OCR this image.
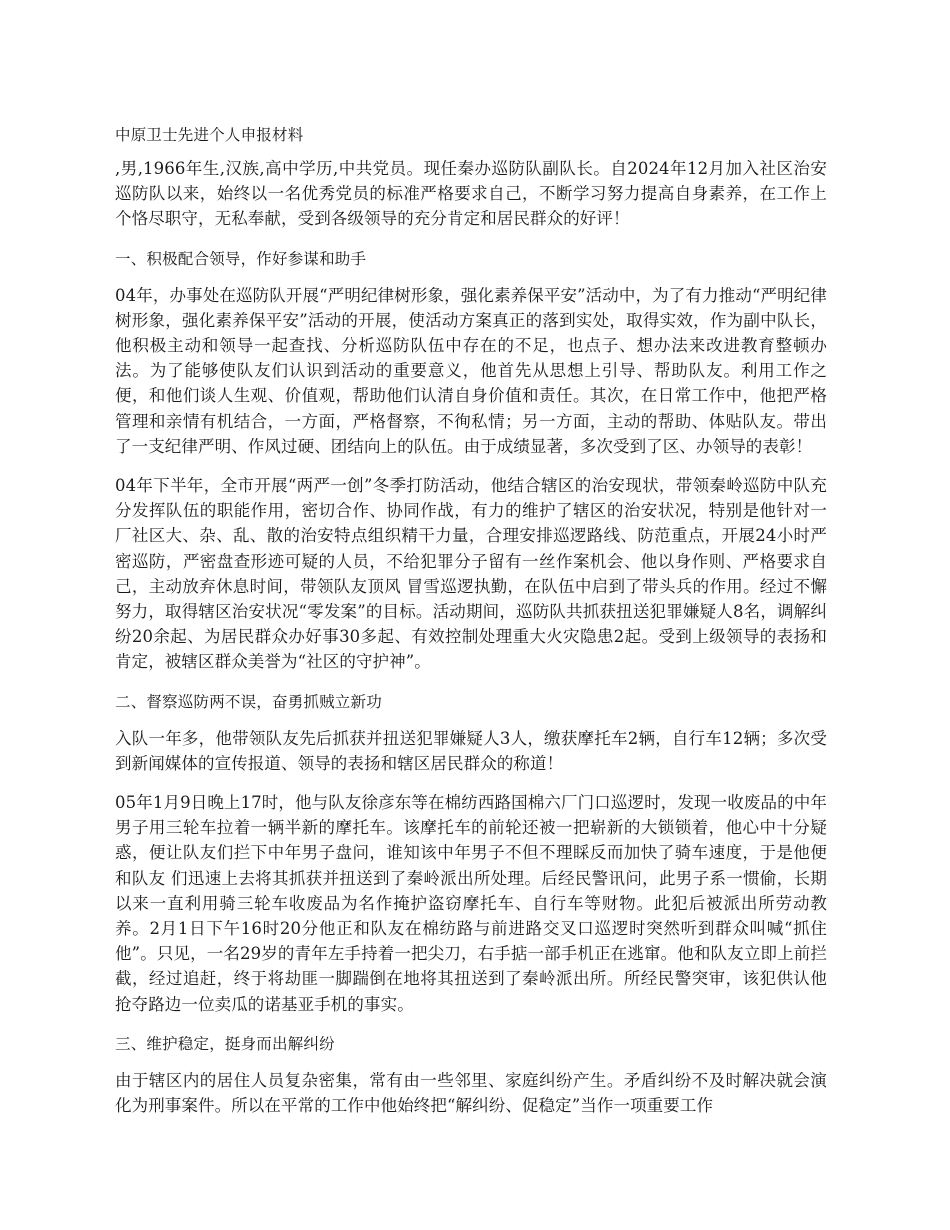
中原卫士先进个人申报材料

,男,1966年生,汉族,高中学历,中共党员。现任秦办巡防队副队长。自2024年12月加入社区治安巡防队以来，始终以一名优秀党员的标准严格要求自己，不断学习努力提高自身素养，在工作上个恪尽职守，无私奉献，受到各级领导的充分肯定和居民群众的好评！

一、积极配合领导，作好参谋和助手

04年，办事处在巡防队开展“严明纪律树形象，强化素养保平安”活动中，为了有力推动“严明纪律树形象，强化素养保平安”活动的开展，使活动方案真正的落到实处，取得实效，作为副中队长，他积极主动和领导一起查找、分析巡防队伍中存在的不足，也点子、想办法来改进教育整顿办法。为了能够使队友们认识到活动的重要意义，他首先从思想上引导、帮助队友。利用工作之便，和他们谈人生观、价值观，帮助他们认清自身价值和责任。其次，在日常工作中，他把严格管理和亲情有机结合，一方面，严格督察，不徇私情；另一方面，主动的帮助、体贴队友。带出了一支纪律严明、作风过硬、团结向上的队伍。由于成绩显著，多次受到了区、办领导的表彰！

04年下半年，全市开展“两严一创”冬季打防活动，他结合辖区的治安现状，带领秦岭巡防中队充分发挥队伍的职能作用，密切合作、协同作战，有力的维护了辖区的治安状况，特别是他针对一厂社区大、杂、乱、散的治安特点组织精干力量，合理安排巡逻路线、防范重点，开展24小时严密巡防，严密盘查形迹可疑的人员，不给犯罪分子留有一丝作案机会、他以身作则、严格要求自己，主动放弃休息时间，带领队友顶风 冒雪巡逻执勤，在队伍中启到了带头兵的作用。经过不懈努力，取得辖区治安状况“零发案”的目标。活动期间，巡防队共抓获扭送犯罪嫌疑人8名，调解纠纷20余起、为居民群众办好事30多起、有效控制处理重大火灾隐患2起。受到上级领导的表扬和肯定，被辖区群众美誉为“社区的守护神”。

二、督察巡防两不误，奋勇抓贼立新功

入队一年多，他带领队友先后抓获并扭送犯罪嫌疑人3人，缴获摩托车2辆，自行车12辆；多次受到新闻媒体的宣传报道、领导的表扬和辖区居民群众的称道！

05年1月9日晚上17时，他与队友徐彦东等在棉纺西路国棉六厂门口巡逻时，发现一收废品的中年男子用三轮车拉着一辆半新的摩托车。该摩托车的前轮还被一把崭新的大锁锁着，他心中十分疑惑，便让队友们拦下中年男子盘问，谁知该中年男子不但不理睬反而加快了骑车速度，于是他便和队友 们迅速上去将其抓获并扭送到了秦岭派出所处理。后经民警讯问，此男子系一惯偷，长期以来一直利用骑三轮车收废品为名作掩护盗窃摩托车、自行车等财物。此犯后被派出所劳动教养。2月1日下午16时20分他正和队友在棉纺路与前进路交叉口巡逻时突然听到群众叫喊“抓住他”。只见，一名29岁的青年左手持着一把尖刀，右手掂一部手机正在逃窜。他和队友立即上前拦截，经过追赶，终于将劫匪一脚踹倒在地将其扭送到了秦岭派出所。所经民警突审，该犯供认他抢夺路边一位卖瓜的诺基亚手机的事实。

三、维护稳定，挺身而出解纠纷

由于辖区内的居住人员复杂密集，常有由一些邻里、家庭纠纷产生。矛盾纠纷不及时解决就会演化为刑事案件。所以在平常的工作中他始终把“解纠纷、促稳定”当作一项重要工作
